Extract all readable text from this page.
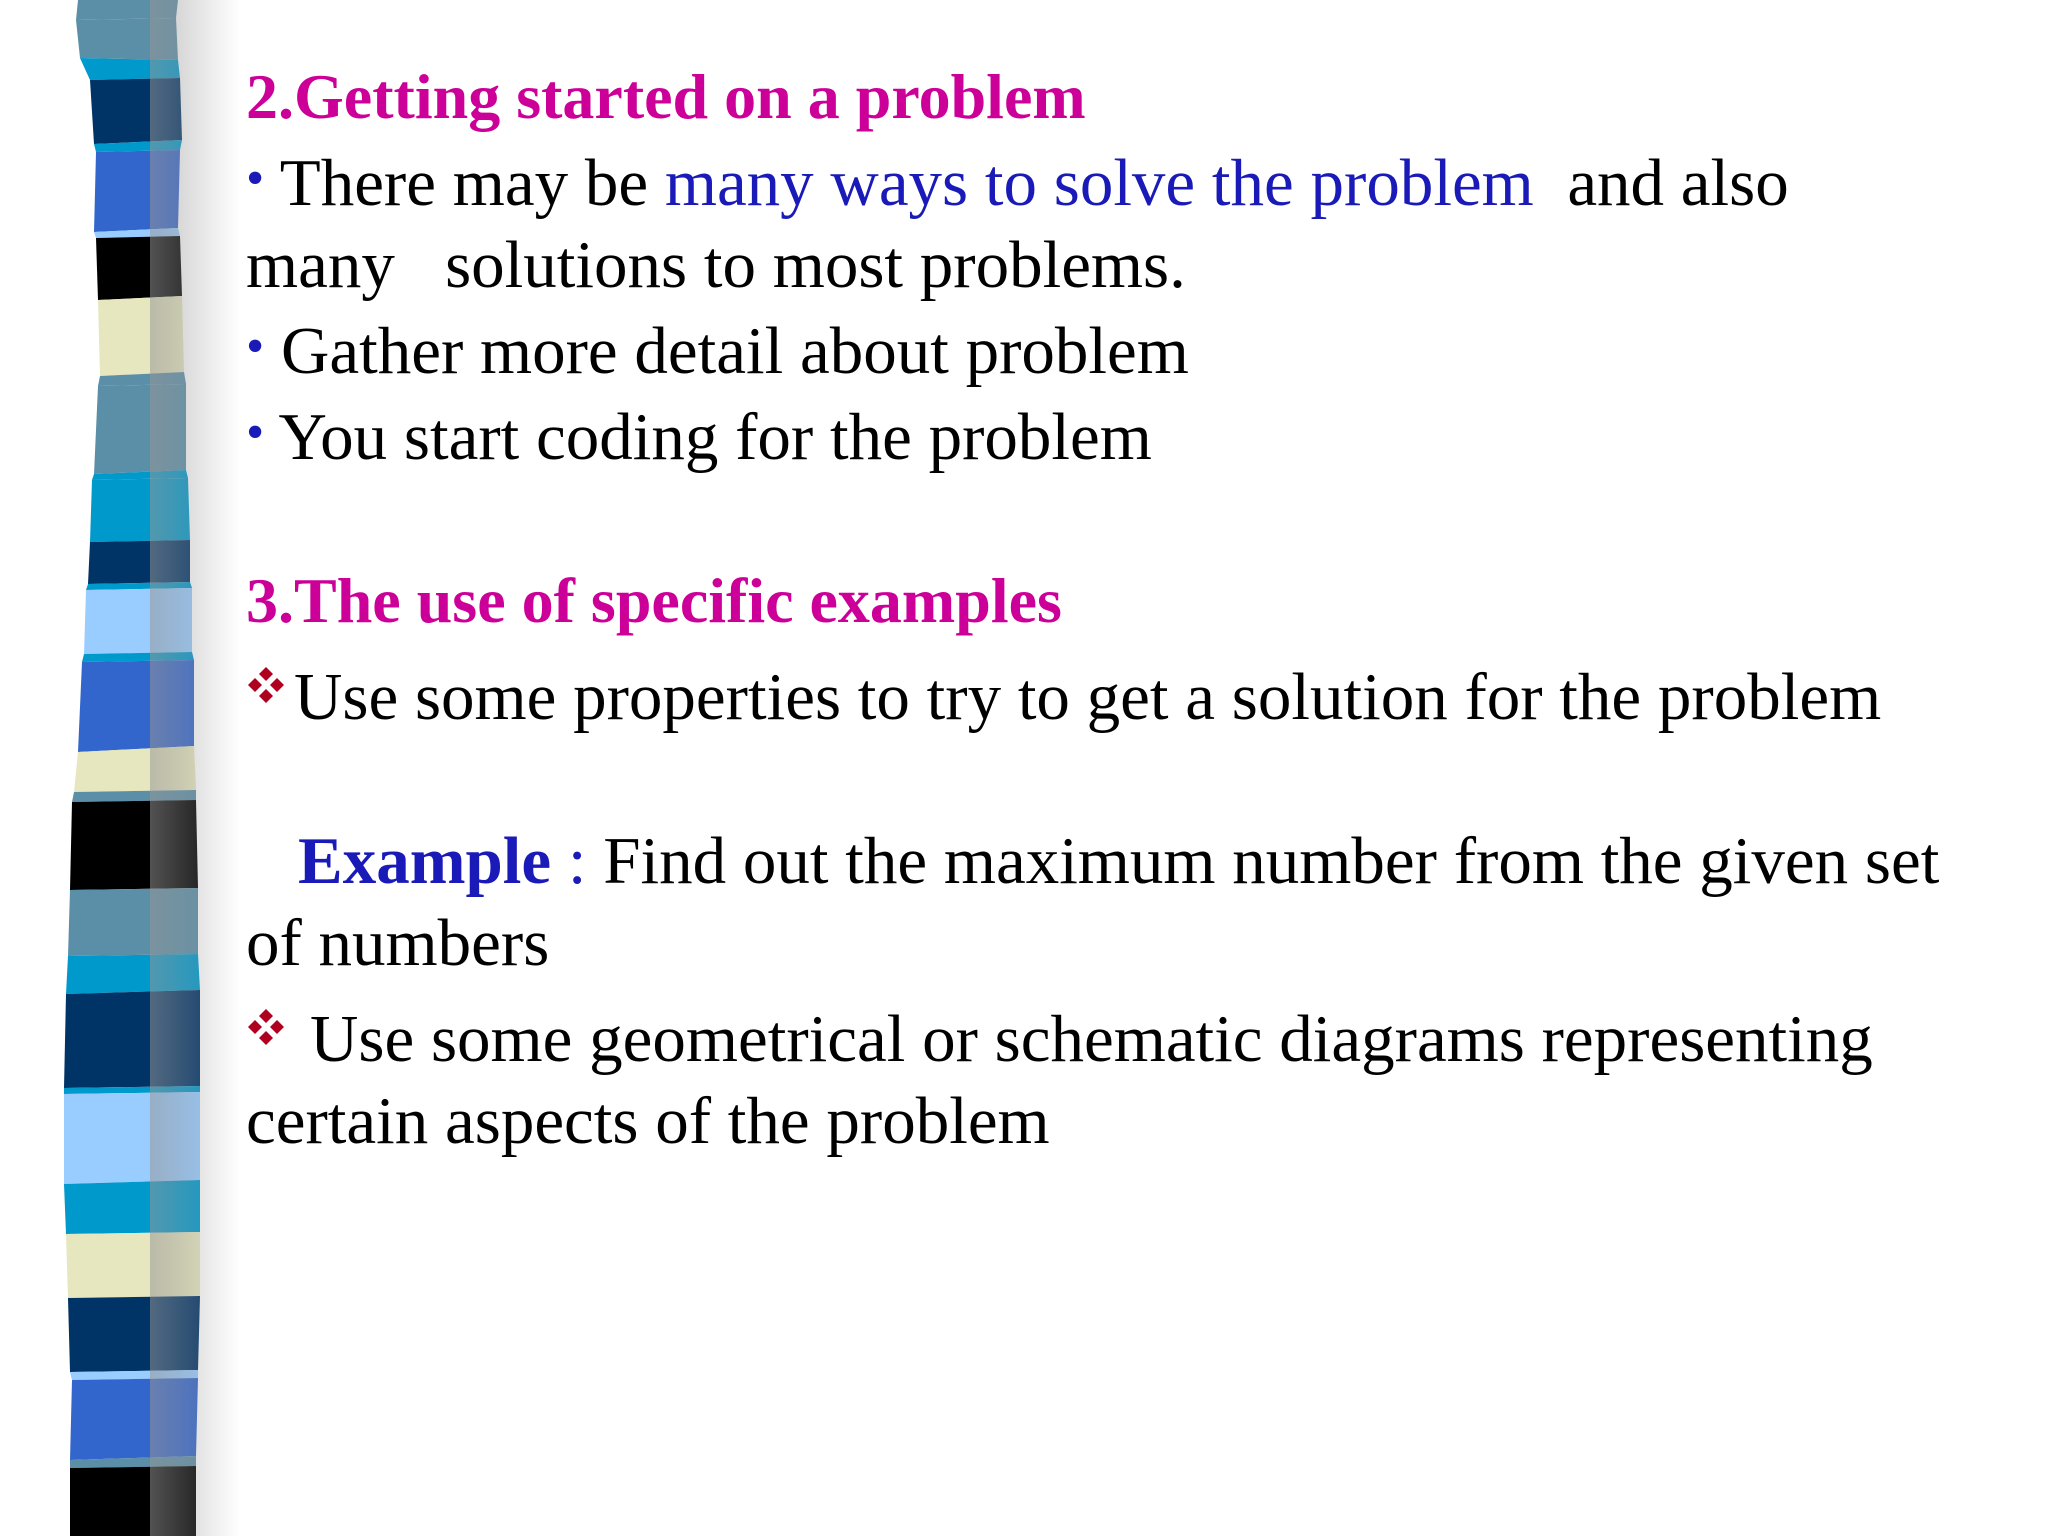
2.Getting started on a problem
• There may be many ways to solve the problem  and also
many   solutions to most problems.
• Gather more detail about problem
• You start coding for the problem
3.The use of specific examples
Use some properties to try to get a solution for the problem
Example : Find out the maximum number from the given set
of numbers
Use some geometrical or schematic diagrams representing
certain aspects of the problem
